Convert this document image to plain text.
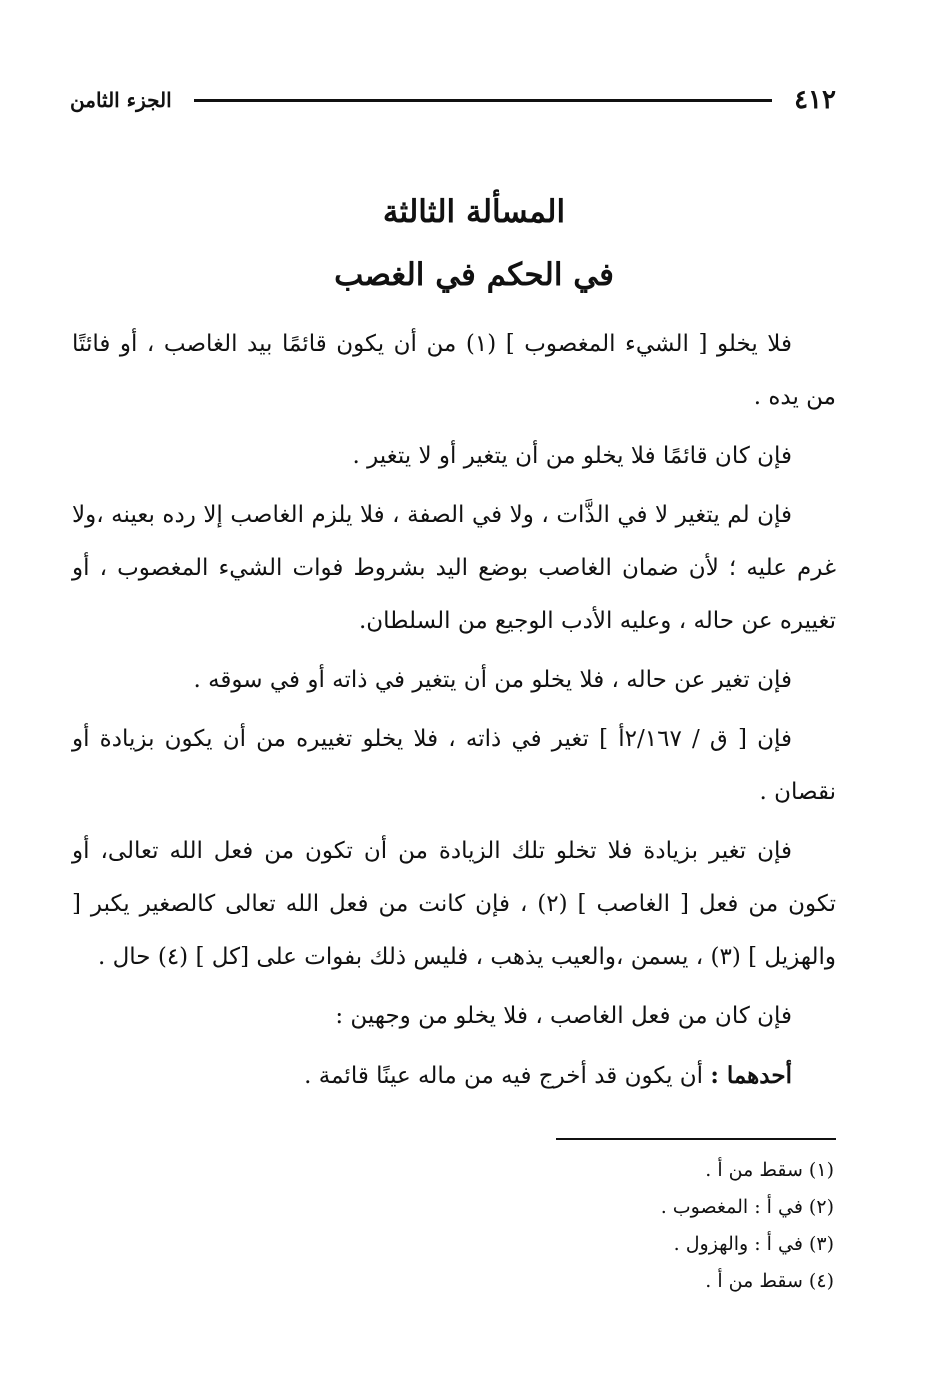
٤١٢
الجزء الثامن
المسألة الثالثة
في الحكم في الغصب

فلا يخلو [ الشيء المغصوب ] (١) من أن يكون قائمًا بيد الغاصب ، أو فائتًا من يده .

فإن كان قائمًا فلا يخلو من أن يتغير أو لا يتغير .

فإن لم يتغير لا في الذَّات ، ولا في الصفة ، فلا يلزم الغاصب إلا رده بعينه ،ولا غرم عليه ؛ لأن ضمان الغاصب بوضع اليد بشروط فوات الشيء المغصوب ، أو تغييره عن حاله ، وعليه الأدب الوجيع من السلطان.

فإن تغير عن حاله ، فلا يخلو من أن يتغير في ذاته أو في سوقه .

فإن [ ق / ٢/١٦٧أ ] تغير في ذاته ، فلا يخلو تغييره من أن يكون بزيادة أو نقصان .

فإن تغير بزيادة فلا تخلو تلك الزيادة من أن تكون من فعل الله تعالى، أو تكون من فعل [ الغاصب ] (٢) ، فإن كانت من فعل الله تعالى كالصغير يكبر [ والهزيل ] (٣) ، يسمن ،والعيب يذهب ، فليس ذلك بفوات على [كل ] (٤) حال .

فإن كان من فعل الغاصب ، فلا يخلو من وجهين :

أحدهما : أن يكون قد أخرج فيه من ماله عينًا قائمة .

(١) سقط من أ .
(٢) في أ : المغصوب .
(٣) في أ : والهزول .
(٤) سقط من أ .
